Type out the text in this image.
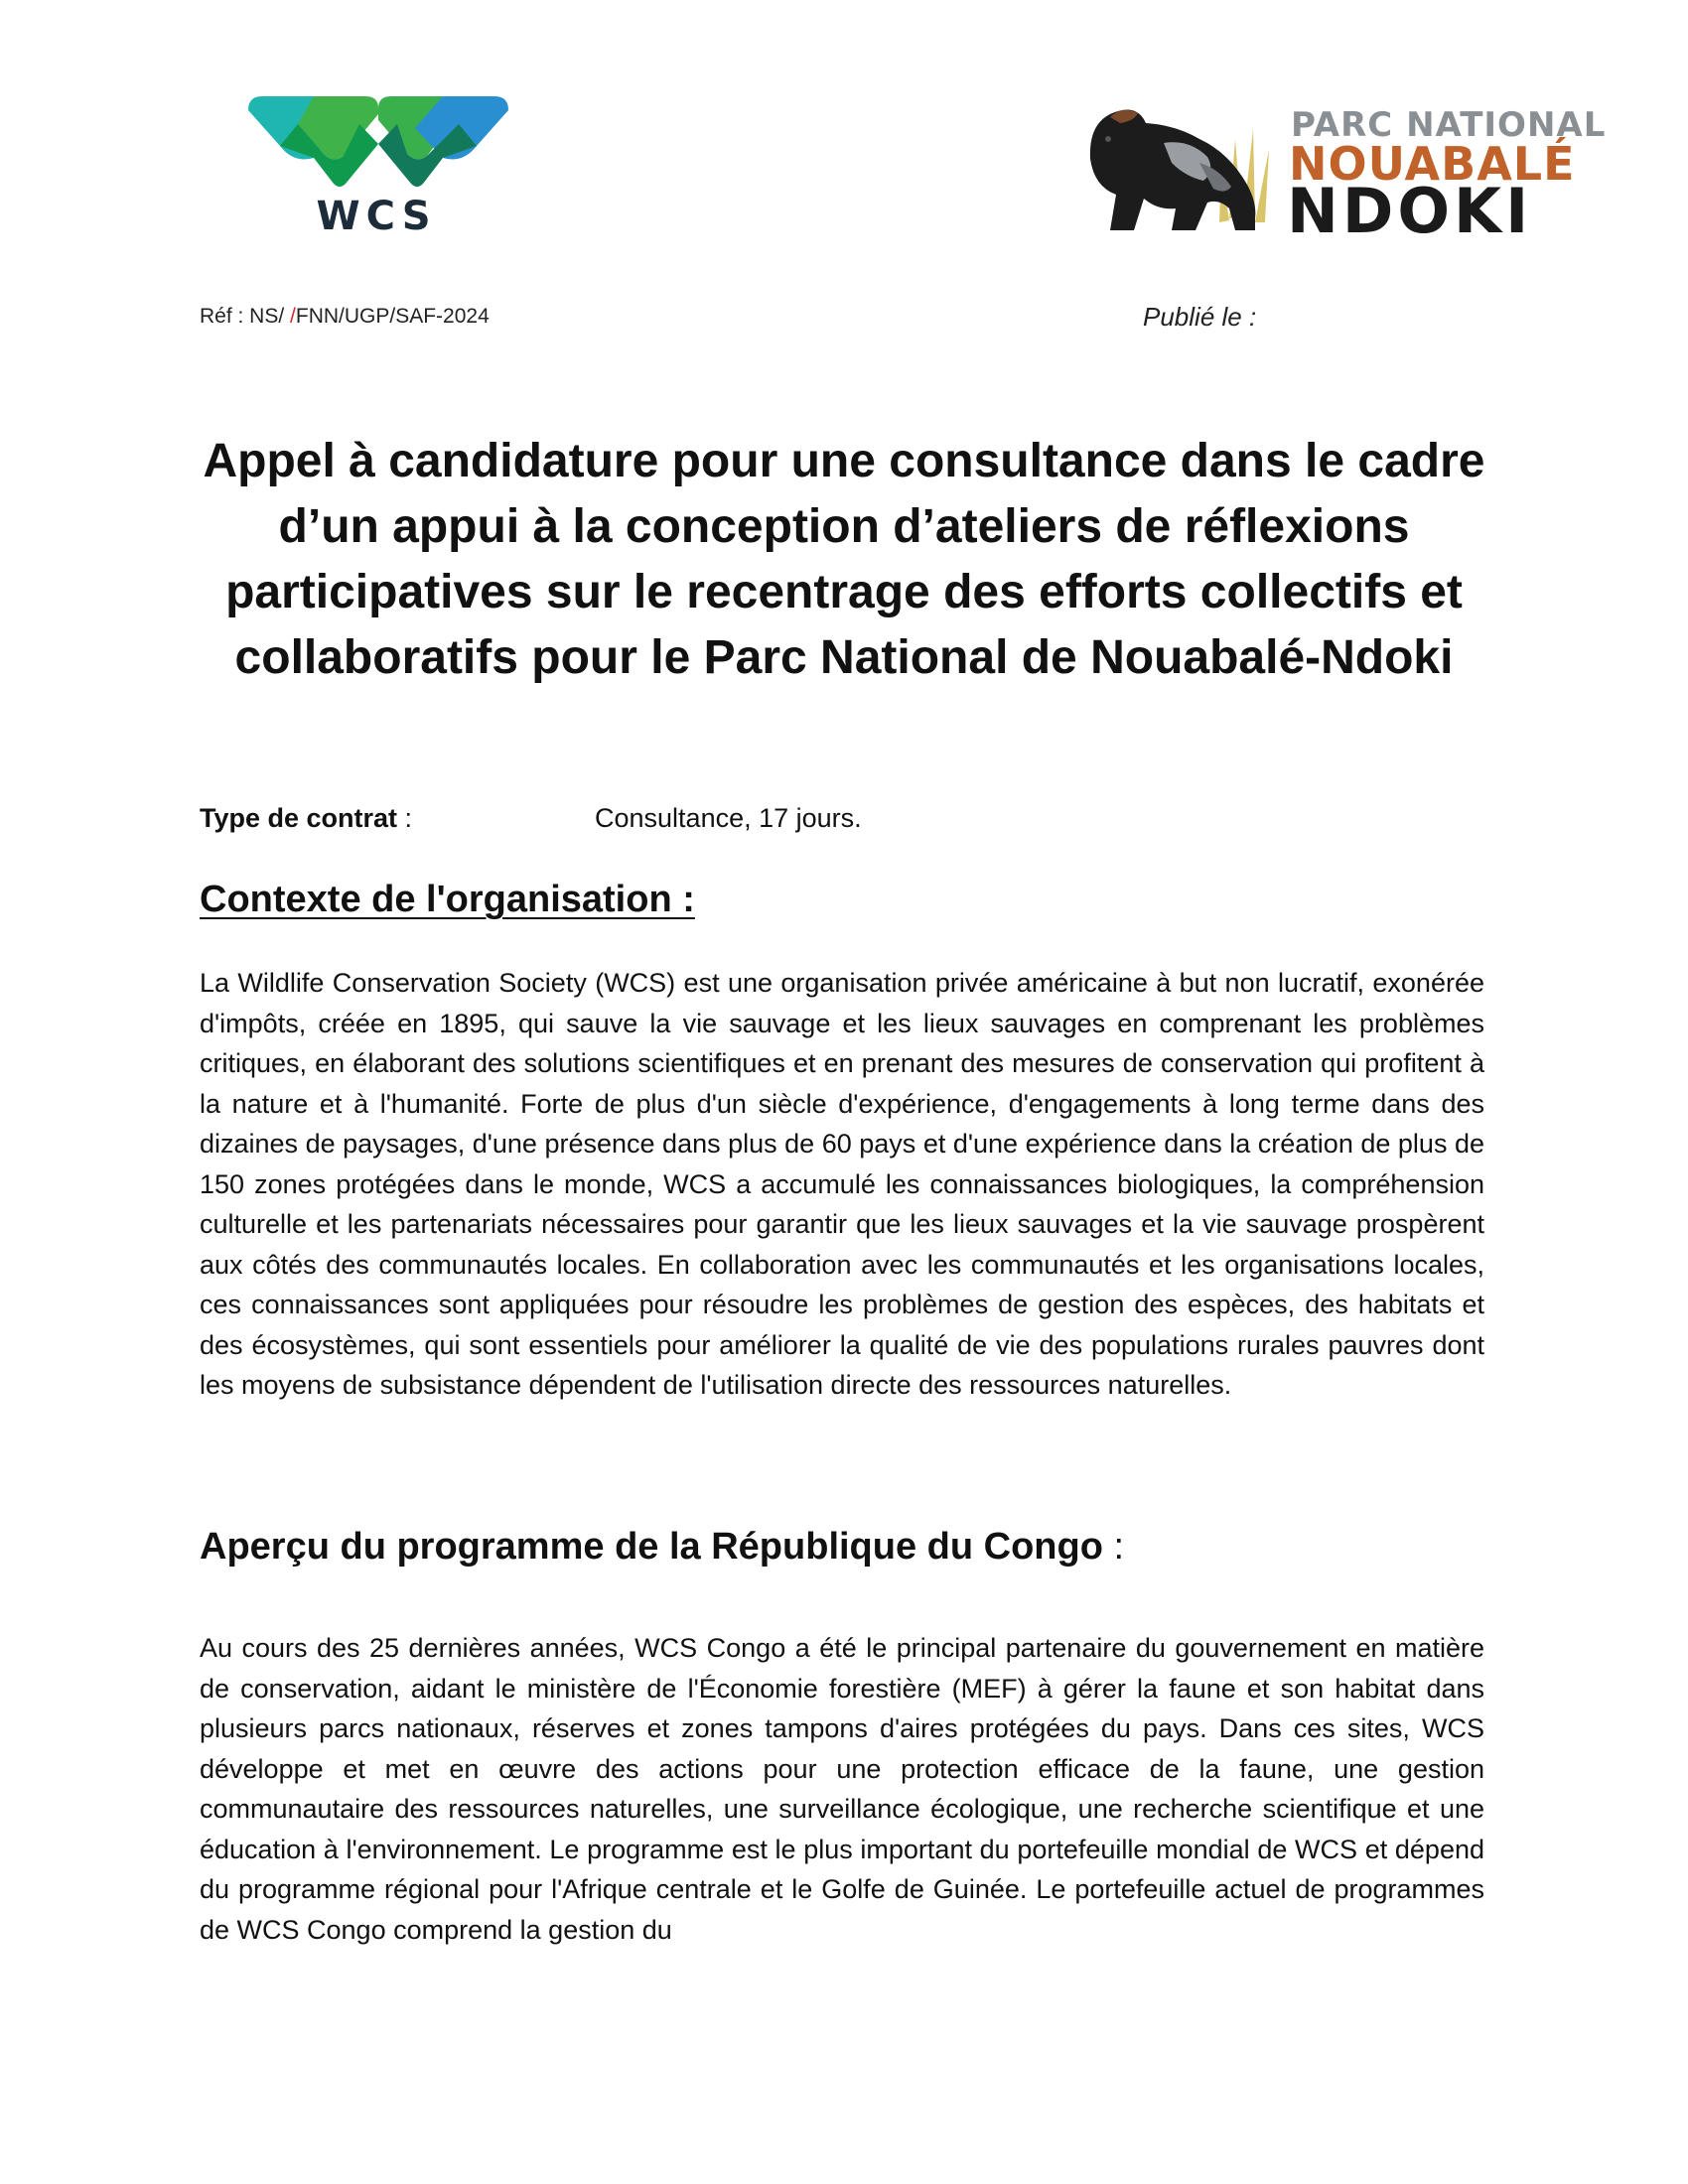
WCS
PARC NATIONAL
NOUABALÉ
NDOKI
Réf : NS/ /FNN/UGP/SAF-2024	Publié le :
Appel à candidature pour une consultance dans le cadre d’un appui à la conception d’ateliers de réflexions participatives sur le recentrage des efforts collectifs et collaboratifs pour le Parc National de Nouabalé-Ndoki
Type de contrat :	Consultance, 17 jours.
Contexte de l'organisation :

La Wildlife Conservation Society (WCS) est une organisation privée américaine à but non lucratif, exonérée d'impôts, créée en 1895, qui sauve la vie sauvage et les lieux sauvages en comprenant les problèmes critiques, en élaborant des solutions scientifiques et en prenant des mesures de conservation qui profitent à la nature et à l'humanité. Forte de plus d'un siècle d'expérience, d'engagements à long terme dans des dizaines de paysages, d'une présence dans plus de 60 pays et d'une expérience dans la création de plus de 150 zones protégées dans le monde, WCS a accumulé les connaissances biologiques, la compréhension culturelle et les partenariats nécessaires pour garantir que les lieux sauvages et la vie sauvage prospèrent aux côtés des communautés locales. En collaboration avec les communautés et les organisations locales, ces connaissances sont appliquées pour résoudre les problèmes de gestion des espèces, des habitats et des écosystèmes, qui sont essentiels pour améliorer la qualité de vie des populations rurales pauvres dont les moyens de subsistance dépendent de l'utilisation directe des ressources naturelles.

Aperçu du programme de la République du Congo :

Au cours des 25 dernières années, WCS Congo a été le principal partenaire du gouvernement en matière de conservation, aidant le ministère de l'Économie forestière (MEF) à gérer la faune et son habitat dans plusieurs parcs nationaux, réserves et zones tampons d'aires protégées du pays. Dans ces sites, WCS développe et met en œuvre des actions pour une protection efficace de la faune, une gestion communautaire des ressources naturelles, une surveillance écologique, une recherche scientifique et une éducation à l'environnement. Le programme est le plus important du portefeuille mondial de WCS et dépend du programme régional pour l'Afrique centrale et le Golfe de Guinée. Le portefeuille actuel de programmes de WCS Congo comprend la gestion du
